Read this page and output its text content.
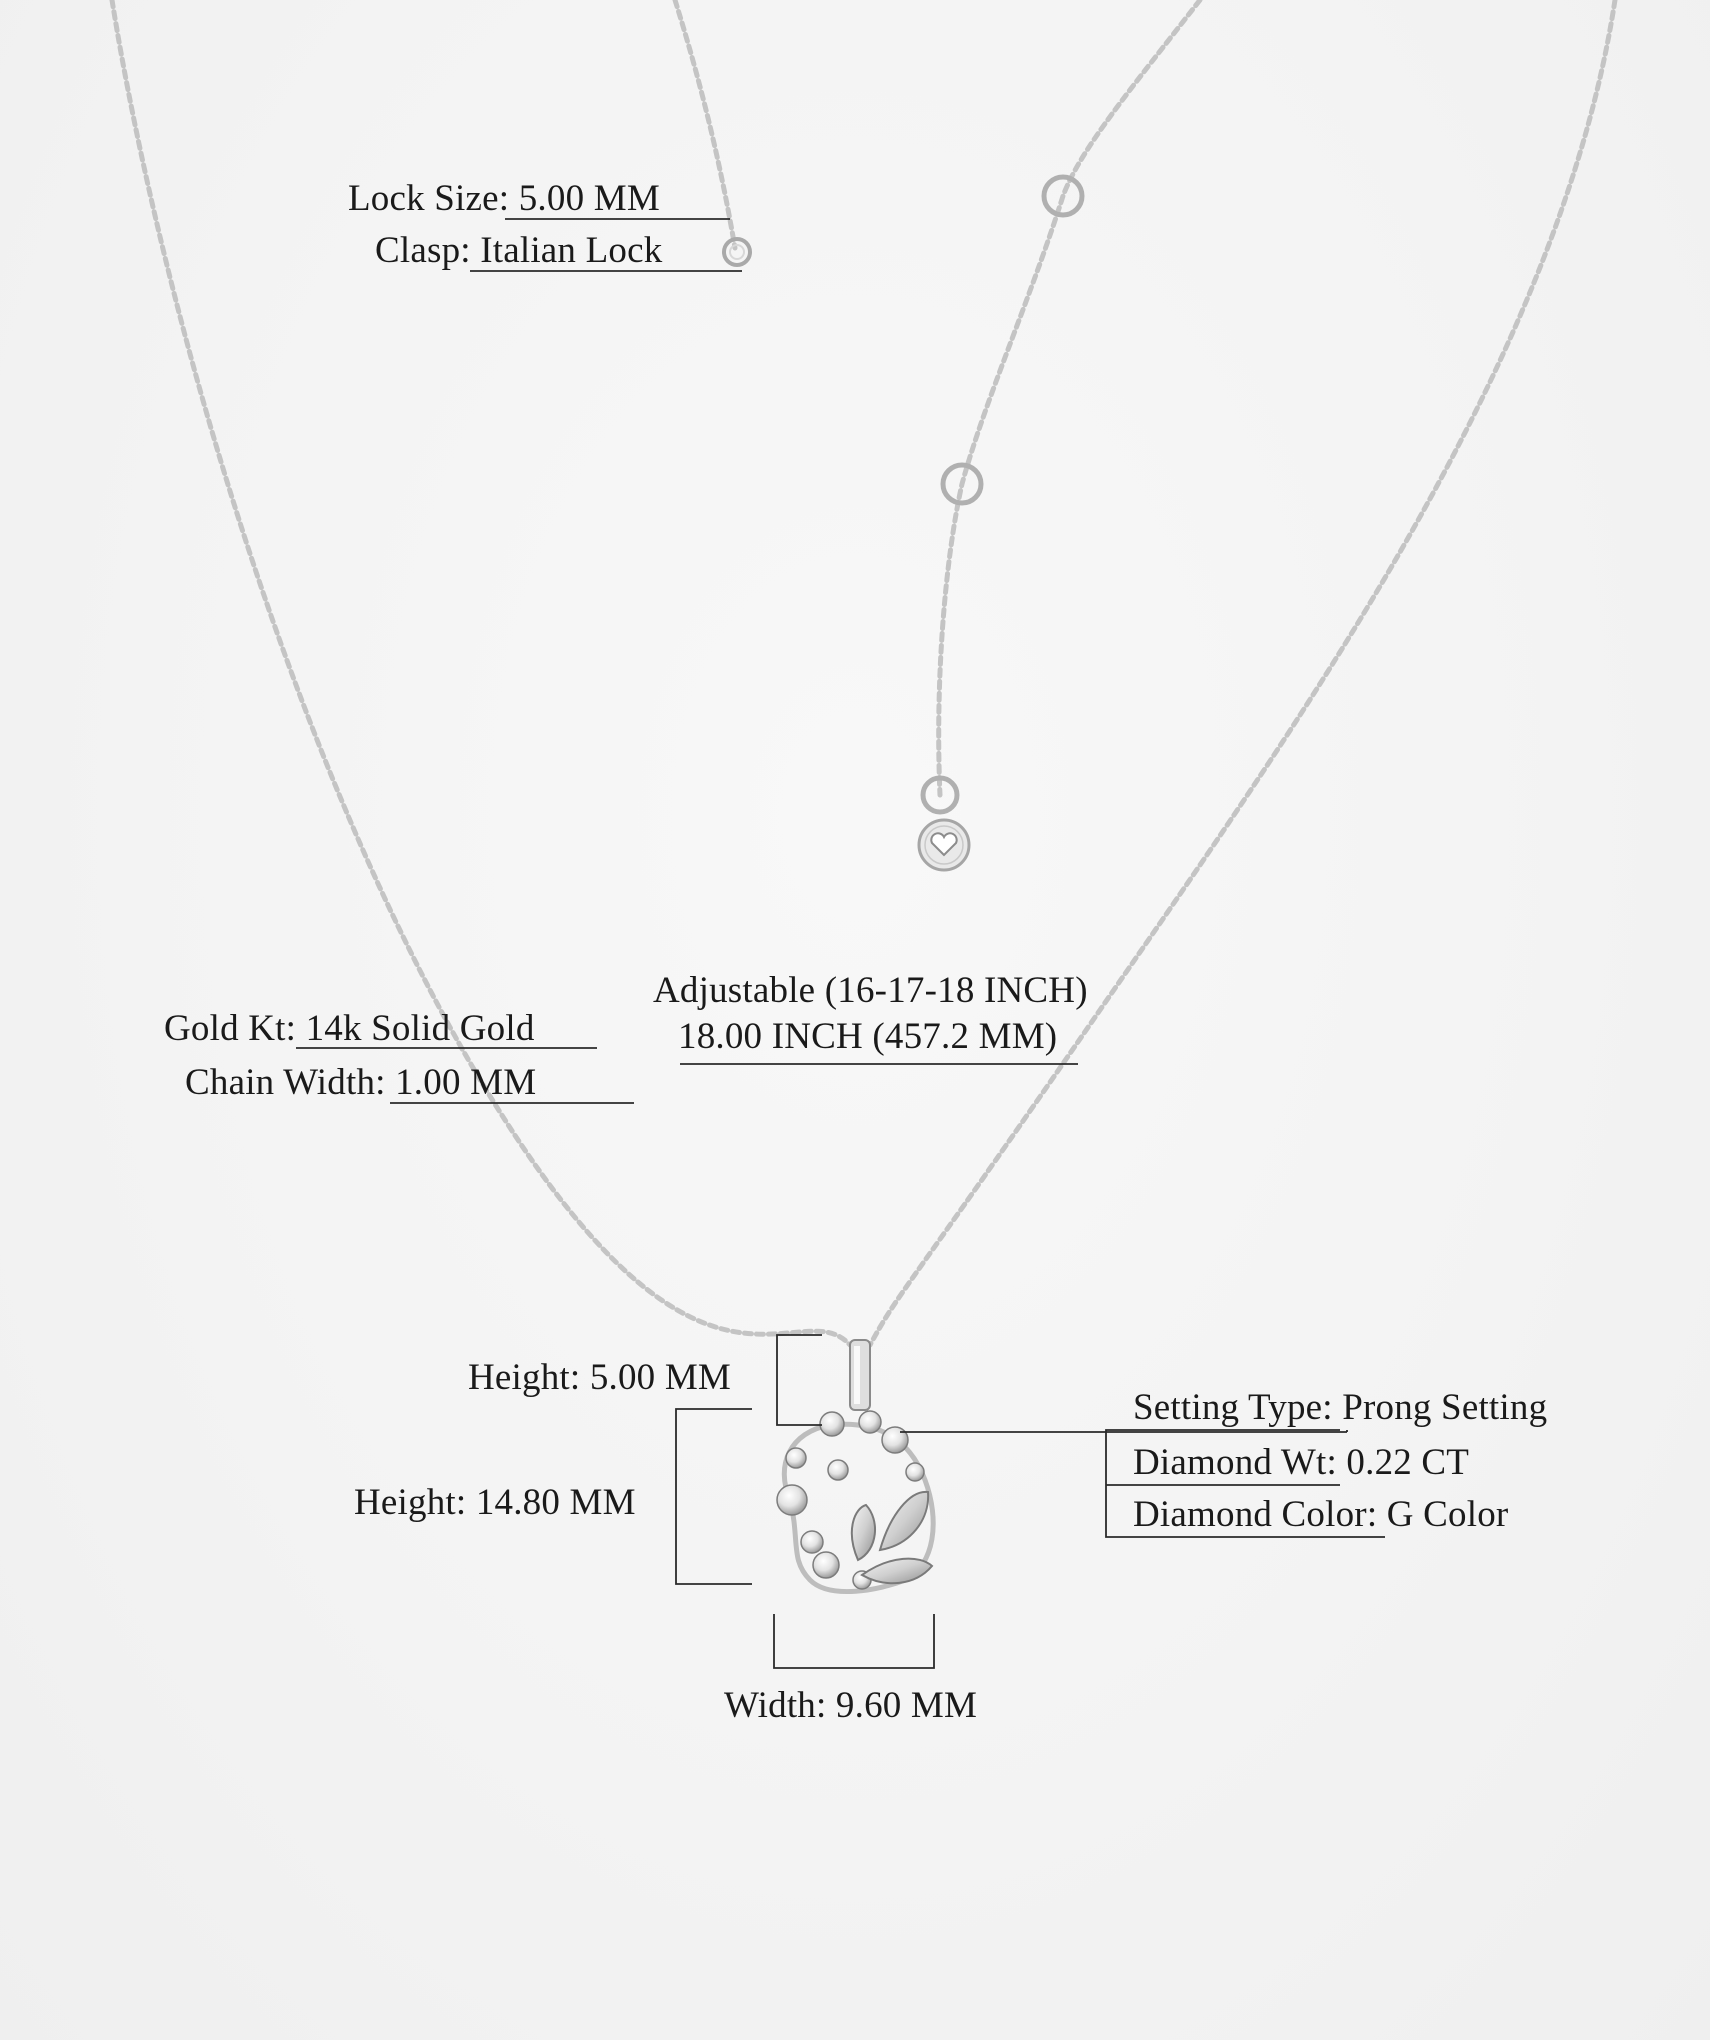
Lock Size: 5.00 MM
Clasp: Italian Lock
Adjustable (16-17-18 INCH)
18.00 INCH (457.2 MM)
Gold Kt: 14k Solid Gold
Chain Width: 1.00 MM
Height: 5.00 MM
Height: 14.80 MM
Width: 9.60 MM
Setting Type: Prong Setting
Diamond Wt: 0.22 CT
Diamond Color: G Color
